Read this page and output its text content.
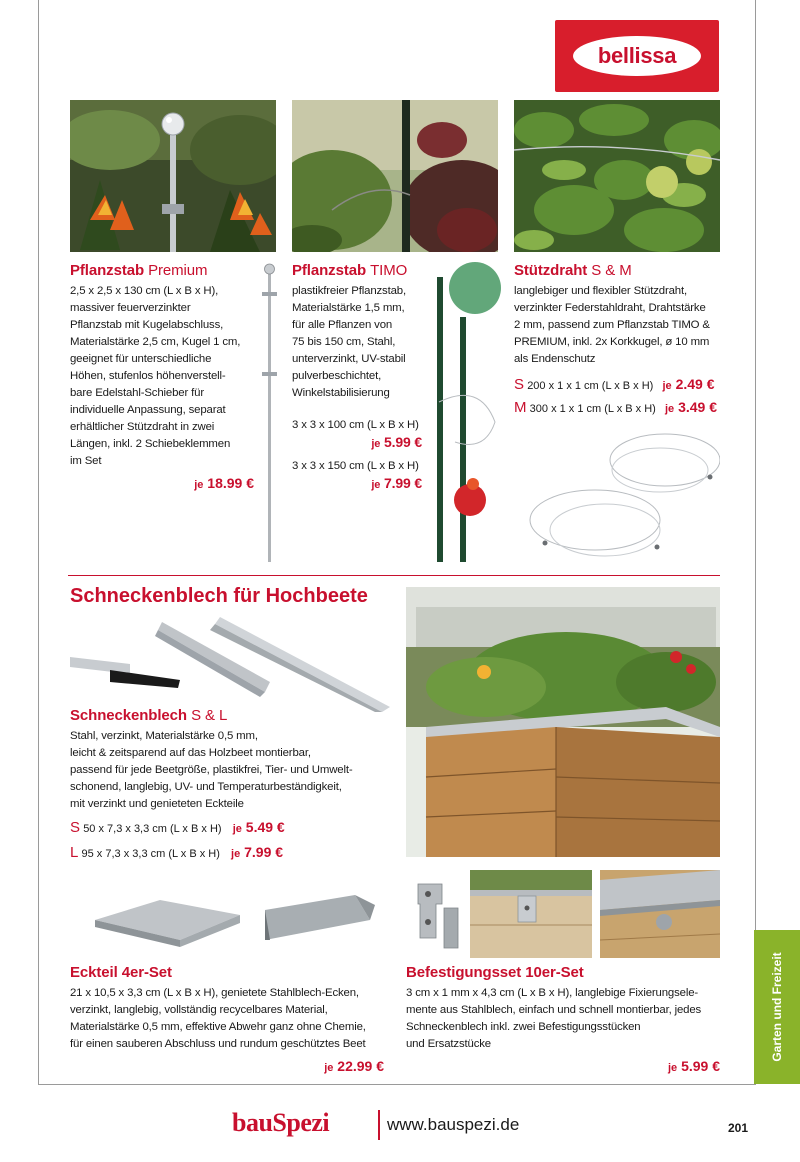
bellissa
Pflanzstab Premium
2,5 x 2,5 x 130 cm (L x B x H),
massiver feuerverzinkter
Pflanzstab mit Kugelabschluss,
Materialstärke 2,5 cm, Kugel 1 cm,
geeignet für unterschiedliche
Höhen, stufenlos höhenverstell-
bare Edelstahl-Schieber für
individuelle Anpassung, separat
erhältlicher Stützdraht in zwei
Längen, inkl. 2 Schiebeklemmen
im Set
je 18.99 €
Pflanzstab TIMO
plastikfreier Pflanzstab,
Materialstärke 1,5 mm,
für alle Pflanzen von
75 bis 150 cm, Stahl,
unterverzinkt, UV-stabil
pulverbeschichtet,
Winkelstabilisierung
3 x 3 x 100 cm (L x B x H)
je 5.99 €
3 x 3 x 150 cm (L x B x H)
je 7.99 €
Stützdraht S & M
langlebiger und flexibler Stützdraht,
verzinkter Federstahldraht, Drahtstärke
2 mm, passend zum Pflanzstab TIMO &
PREMIUM, inkl. 2x Korkkugel, ø 10 mm
als Endenschutz
S 200 x 1 x 1 cm (L x B x H) je 2.49 €
M 300 x 1 x 1 cm (L x B x H) je 3.49 €
Schneckenblech für Hochbeete
Schneckenblech S & L
Stahl, verzinkt, Materialstärke 0,5 mm,
leicht & zeitsparend auf das Holzbeet montierbar,
passend für jede Beetgröße, plastikfrei, Tier- und Umwelt-
schonend, langlebig, UV- und Temperaturbeständigkeit,
mit verzinkt und genieteten Eckteile
S 50 x 7,3 x 3,3 cm (L x B x H) je 5.49 €
L 95 x 7,3 x 3,3 cm (L x B x H) je 7.99 €
Eckteil 4er-Set
21 x 10,5 x 3,3 cm (L x B x H), genietete Stahlblech-Ecken,
verzinkt, langlebig, vollständig recycelbares Material,
Materialstärke 0,5 mm, effektive Abwehr ganz ohne Chemie,
für einen sauberen Abschluss und rundum geschütztes Beet
je 22.99 €
Befestigungsset 10er-Set
3 cm x 1 mm x 4,3 cm (L x B x H), langlebige Fixierungsele-
mente aus Stahlblech, einfach und schnell montierbar, jedes
Schneckenblech inkl. zwei Befestigungsstücken
und Ersatzstücke
je 5.99 €
Garten und Freizeit
bauSpezi	www.bauspezi.de	201
